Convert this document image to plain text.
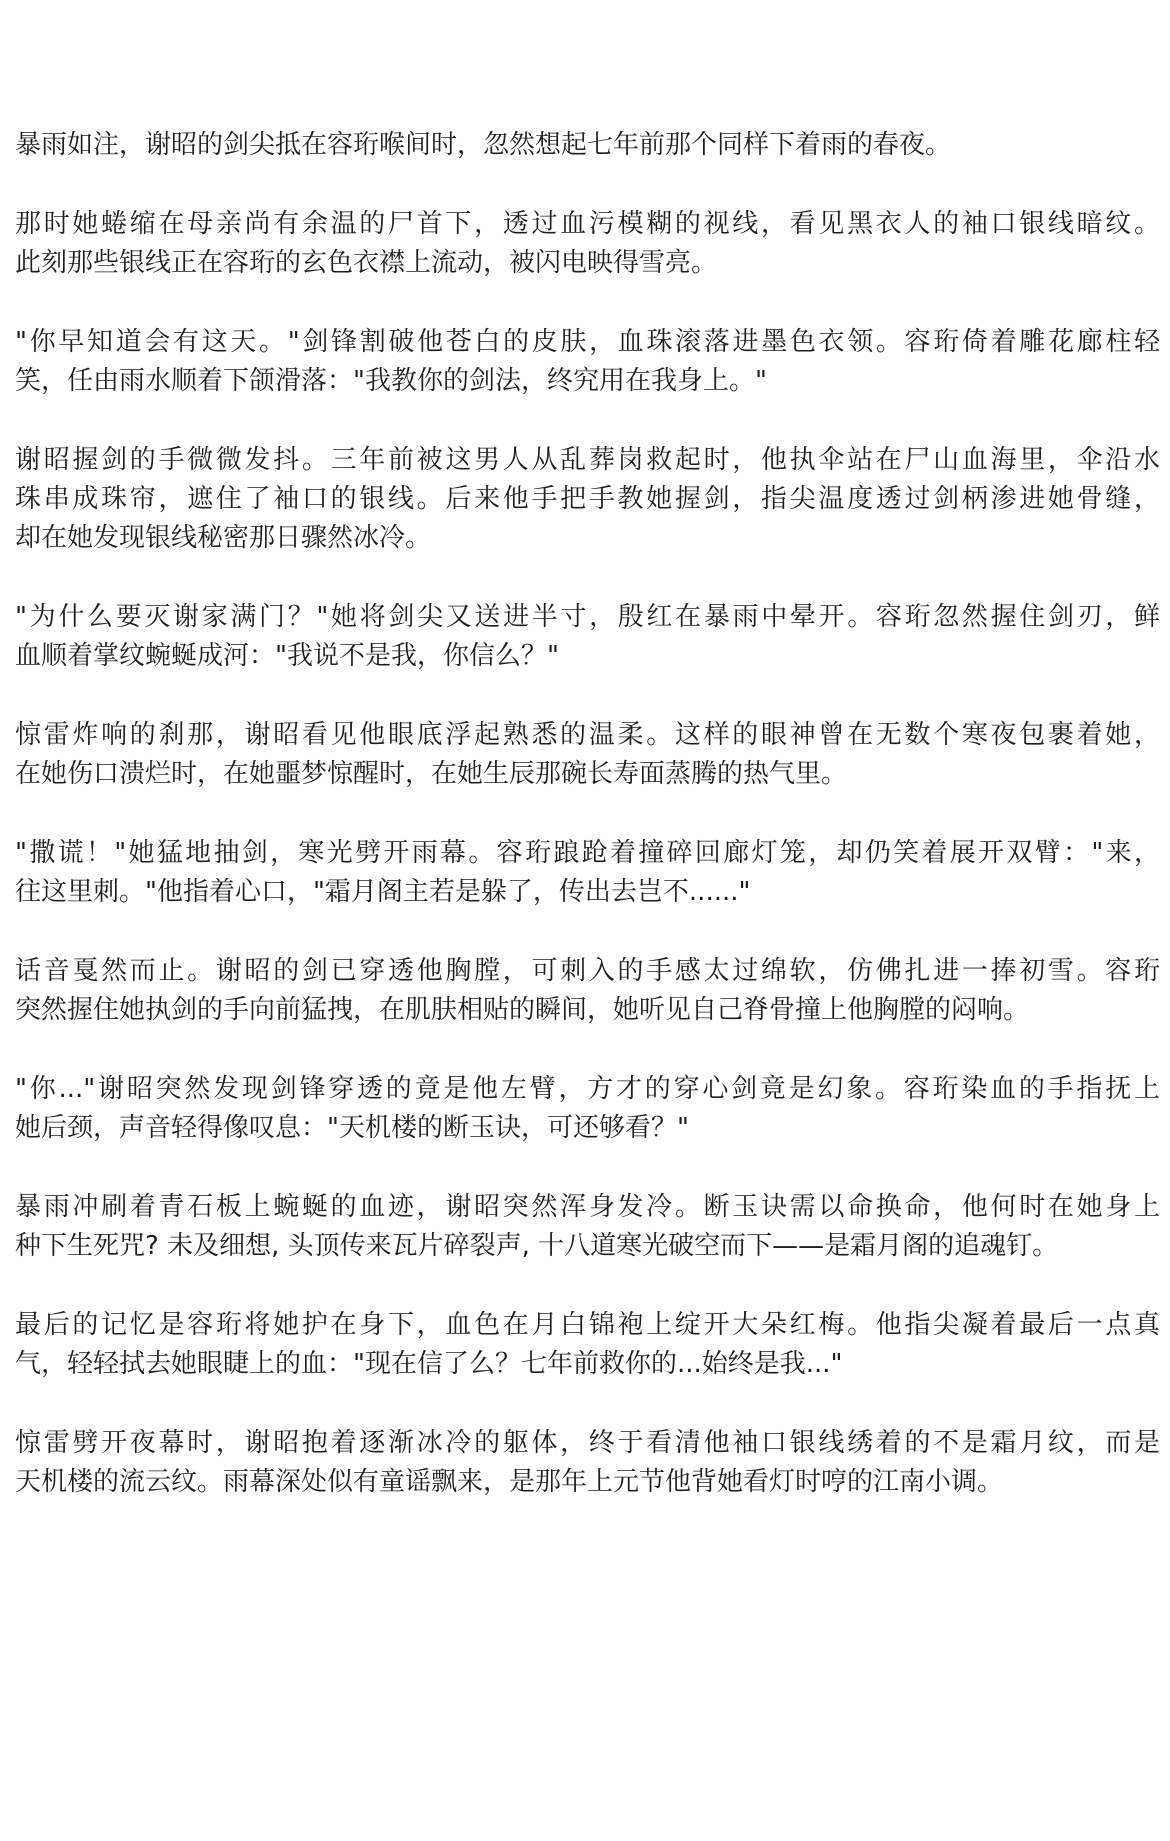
暴雨如注，谢昭的剑尖抵在容珩喉间时，忽然想起七年前那个同样下着雨的春夜。

那时她蜷缩在母亲尚有余温的尸首下，透过血污模糊的视线，看见黑衣人的袖口银线暗纹。
此刻那些银线正在容珩的玄色衣襟上流动，被闪电映得雪亮。

"你早知道会有这天。"剑锋割破他苍白的皮肤，血珠滚落进墨色衣领。容珩倚着雕花廊柱轻
笑，任由雨水顺着下颌滑落："我教你的剑法，终究用在我身上。"

谢昭握剑的手微微发抖。三年前被这男人从乱葬岗救起时，他执伞站在尸山血海里，伞沿水
珠串成珠帘，遮住了袖口的银线。后来他手把手教她握剑，指尖温度透过剑柄渗进她骨缝，
却在她发现银线秘密那日骤然冰冷。

"为什么要灭谢家满门？"她将剑尖又送进半寸，殷红在暴雨中晕开。容珩忽然握住剑刃，鲜
血顺着掌纹蜿蜒成河："我说不是我，你信么？"

惊雷炸响的刹那，谢昭看见他眼底浮起熟悉的温柔。这样的眼神曾在无数个寒夜包裹着她，
在她伤口溃烂时，在她噩梦惊醒时，在她生辰那碗长寿面蒸腾的热气里。

"撒谎！"她猛地抽剑，寒光劈开雨幕。容珩踉跄着撞碎回廊灯笼，却仍笑着展开双臂："来，
往这里刺。"他指着心口，"霜月阁主若是躲了，传出去岂不......"

话音戛然而止。谢昭的剑已穿透他胸膛，可刺入的手感太过绵软，仿佛扎进一捧初雪。容珩
突然握住她执剑的手向前猛拽，在肌肤相贴的瞬间，她听见自己脊骨撞上他胸膛的闷响。

"你..."谢昭突然发现剑锋穿透的竟是他左臂，方才的穿心剑竟是幻象。容珩染血的手指抚上
她后颈，声音轻得像叹息："天机楼的断玉诀，可还够看？"

暴雨冲刷着青石板上蜿蜒的血迹，谢昭突然浑身发冷。断玉诀需以命换命，他何时在她身上
种下生死咒? 未及细想, 头顶传来瓦片碎裂声, 十八道寒光破空而下——是霜月阁的追魂钉。

最后的记忆是容珩将她护在身下，血色在月白锦袍上绽开大朵红梅。他指尖凝着最后一点真
气，轻轻拭去她眼睫上的血："现在信了么？七年前救你的...始终是我..."

惊雷劈开夜幕时，谢昭抱着逐渐冰冷的躯体，终于看清他袖口银线绣着的不是霜月纹，而是
天机楼的流云纹。雨幕深处似有童谣飘来，是那年上元节他背她看灯时哼的江南小调。
